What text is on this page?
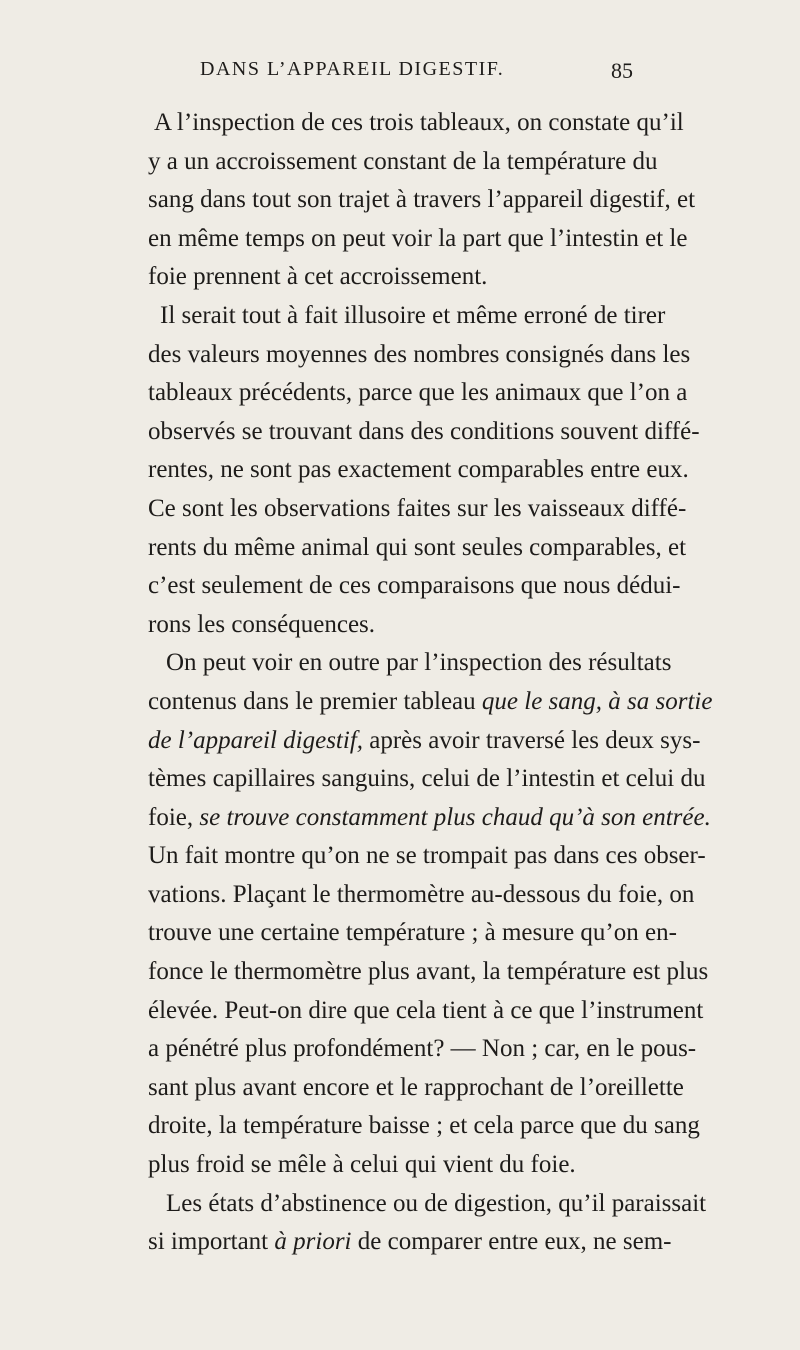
DANS L’APPAREIL DIGESTIF.	85
A l’inspection de ces trois tableaux, on constate qu’il
y a un accroissement constant de la température du
sang dans tout son trajet à travers l’appareil digestif, et
en même temps on peut voir la part que l’intestin et le
foie prennent à cet accroissement.
Il serait tout à fait illusoire et même erroné de tirer
des valeurs moyennes des nombres consignés dans les
tableaux précédents, parce que les animaux que l’on a
observés se trouvant dans des conditions souvent diffé-
rentes, ne sont pas exactement comparables entre eux.
Ce sont les observations faites sur les vaisseaux diffé-
rents du même animal qui sont seules comparables, et
c’est seulement de ces comparaisons que nous dédui-
rons les conséquences.
On peut voir en outre par l’inspection des résultats
contenus dans le premier tableau que le sang, à sa sortie
de l’appareil digestif, après avoir traversé les deux sys-
tèmes capillaires sanguins, celui de l’intestin et celui du
foie, se trouve constamment plus chaud qu’à son entrée.
Un fait montre qu’on ne se trompait pas dans ces obser-
vations. Plaçant le thermomètre au-dessous du foie, on
trouve une certaine température ; à mesure qu’on en-
fonce le thermomètre plus avant, la température est plus
élevée. Peut-on dire que cela tient à ce que l’instrument
a pénétré plus profondément? — Non ; car, en le pous-
sant plus avant encore et le rapprochant de l’oreillette
droite, la température baisse ; et cela parce que du sang
plus froid se mêle à celui qui vient du foie.
Les états d’abstinence ou de digestion, qu’il paraissait
si important à priori de comparer entre eux, ne sem-
